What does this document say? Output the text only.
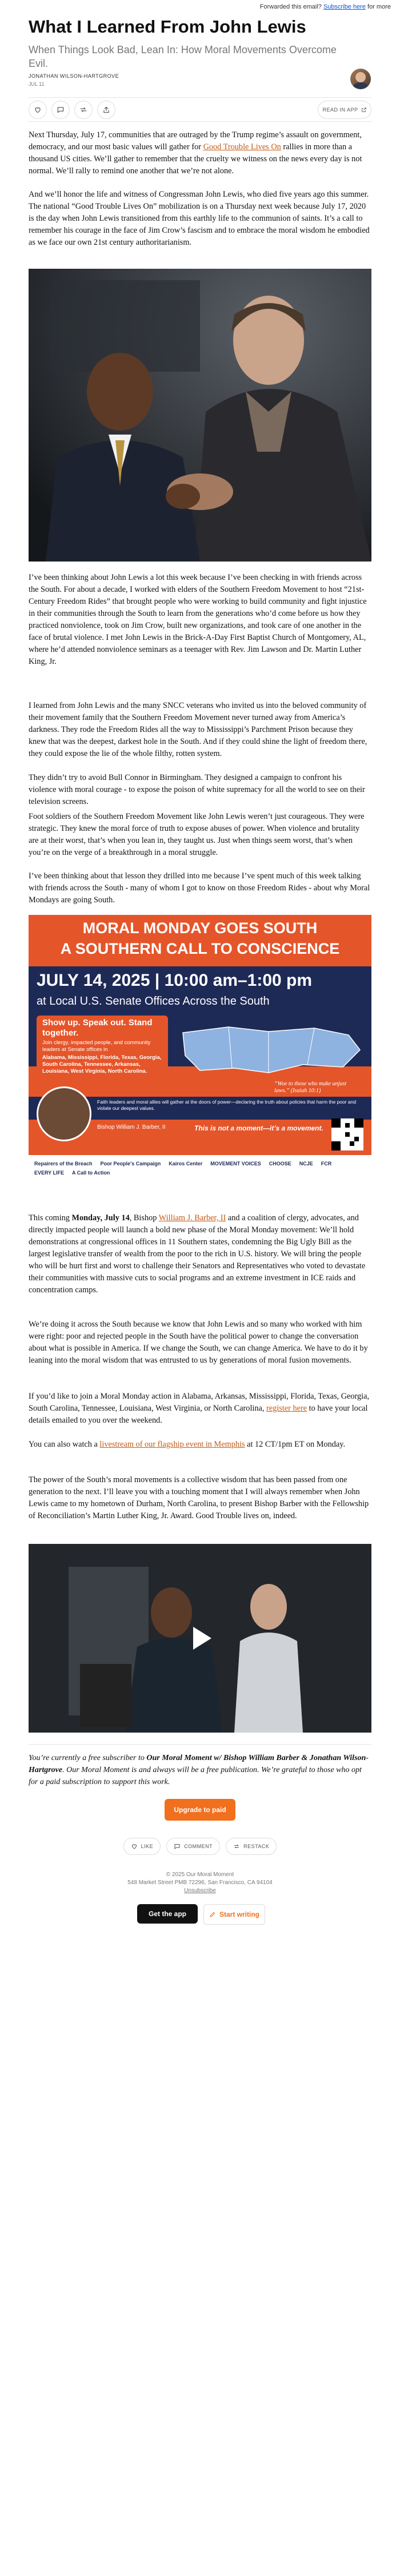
Forwarded this email? Subscribe here for more
What I Learned From John Lewis
When Things Look Bad, Lean In: How Moral Movements Overcome Evil.
JONATHAN WILSON-HARTGROVE
JUL 11
READ IN APP

Next Thursday, July 17, communities that are outraged by the Trump regime’s assault on government, democracy, and our most basic values will gather for Good Trouble Lives On rallies in more than a thousand US cities. We’ll gather to remember that the cruelty we witness on the news every day is not normal. We’ll rally to remind one another that we’re not alone.

And we’ll honor the life and witness of Congressman John Lewis, who died five years ago this summer. The national “Good Trouble Lives On” mobilization is on a Thursday next week because July 17, 2020 is the day when John Lewis transitioned from this earthly life to the communion of saints. It’s a call to remember his courage in the face of Jim Crow’s fascism and to embrace the moral wisdom he embodied as we face our own 21st century authoritarianism.

I’ve been thinking about John Lewis a lot this week because I’ve been checking in with friends across the South. For about a decade, I worked with elders of the Southern Freedom Movement to host “21st-Century Freedom Rides” that brought people who were working to build community and fight injustice in their communities through the South to learn from the generations who’d come before us how they practiced nonviolence, took on Jim Crow, built new organizations, and took care of one another in the face of brutal violence. I met John Lewis in the Brick-A-Day First Baptist Church of Montgomery, AL, where he’d attended nonviolence seminars as a teenager with Rev. Jim Lawson and Dr. Martin Luther King, Jr.

I learned from John Lewis and the many SNCC veterans who invited us into the beloved community of their movement family that the Southern Freedom Movement never turned away from America’s darkness. They rode the Freedom Rides all the way to Mississippi’s Parchment Prison because they knew that was the deepest, darkest hole in the South. And if they could shine the light of freedom there, they could expose the lie of the whole filthy, rotten system.

They didn’t try to avoid Bull Connor in Birmingham. They designed a campaign to confront his violence with moral courage - to expose the poison of white supremacy for all the world to see on their television screens.

Foot soldiers of the Southern Freedom Movement like John Lewis weren’t just courageous. They were strategic. They knew the moral force of truth to expose abuses of power. When violence and brutality are at their worst, that’s when you lean in, they taught us. Just when things seem worst, that’s when you’re on the verge of a breakthrough in a moral struggle.

I’ve been thinking about that lesson they drilled into me because I’ve spent much of this week talking with friends across the South - many of whom I got to know on those Freedom Rides - about why Moral Mondays are going South.

MORAL MONDAY GOES SOUTH
A SOUTHERN CALL TO CONSCIENCE
JULY 14, 2025 | 10:00 am–1:00 pm
at Local U.S. Senate Offices Across the South
Show up. Speak out. Stand together.
Join clergy, impacted people, and community leaders at Senate offices in
Alabama, Mississippi, Florida, Texas, Georgia, South Carolina, Tennessee, Arkansas, Louisiana, West Virginia, North Carolina.
“Woe to those who make unjust laws.” (Isaiah 10:1)
Faith leaders and moral allies will gather at the doors of power—declaring the truth about policies that harm the poor and violate our deepest values.
Bishop William J. Barber, II	This is not a moment—it’s a movement.
Repairers of the Breach Poor People's Campaign Kairos Center MOVEMENT VOICES CHOOSE NCJE FCR
EVERY LIFE A Call to Action

This coming Monday, July 14, Bishop William J. Barber, II and a coalition of clergy, advocates, and directly impacted people will launch a bold new phase of the Moral Monday movement: We’ll hold demonstrations at congressional offices in 11 Southern states, condemning the Big Ugly Bill as the largest legislative transfer of wealth from the poor to the rich in U.S. history. We will bring the people who will be hurt first and worst to challenge their Senators and Representatives who voted to devastate their communities with massive cuts to social programs and an extreme investment in ICE raids and concentration camps.

We’re doing it across the South because we know that John Lewis and so many who worked with him were right: poor and rejected people in the South have the political power to change the conversation about what is possible in America. If we change the South, we can change America. We have to do it by leaning into the moral wisdom that was entrusted to us by generations of moral fusion movements.

If you’d like to join a Moral Monday action in Alabama, Arkansas, Mississippi, Florida, Texas, Georgia, South Carolina, Tennessee, Louisiana, West Virginia, or North Carolina, register here to have your local details emailed to you over the weekend.

You can also watch a livestream of our flagship event in Memphis at 12 CT/1pm ET on Monday.

The power of the South’s moral movements is a collective wisdom that has been passed from one generation to the next. I’ll leave you with a touching moment that I will always remember when John Lewis came to my hometown of Durham, North Carolina, to present Bishop Barber with the Fellowship of Reconciliation’s Martin Luther King, Jr. Award. Good Trouble lives on, indeed.

You’re currently a free subscriber to Our Moral Moment w/ Bishop William Barber & Jonathan Wilson-Hartgrove. Our Moral Moment is and always will be a free publication. We’re grateful to those who opt for a paid subscription to support this work.

Upgrade to paid
LIKE	COMMENT	RESTACK
© 2025 Our Moral Moment
548 Market Street PMB 72296, San Francisco, CA 94104
Unsubscribe
Get the app	Start writing
